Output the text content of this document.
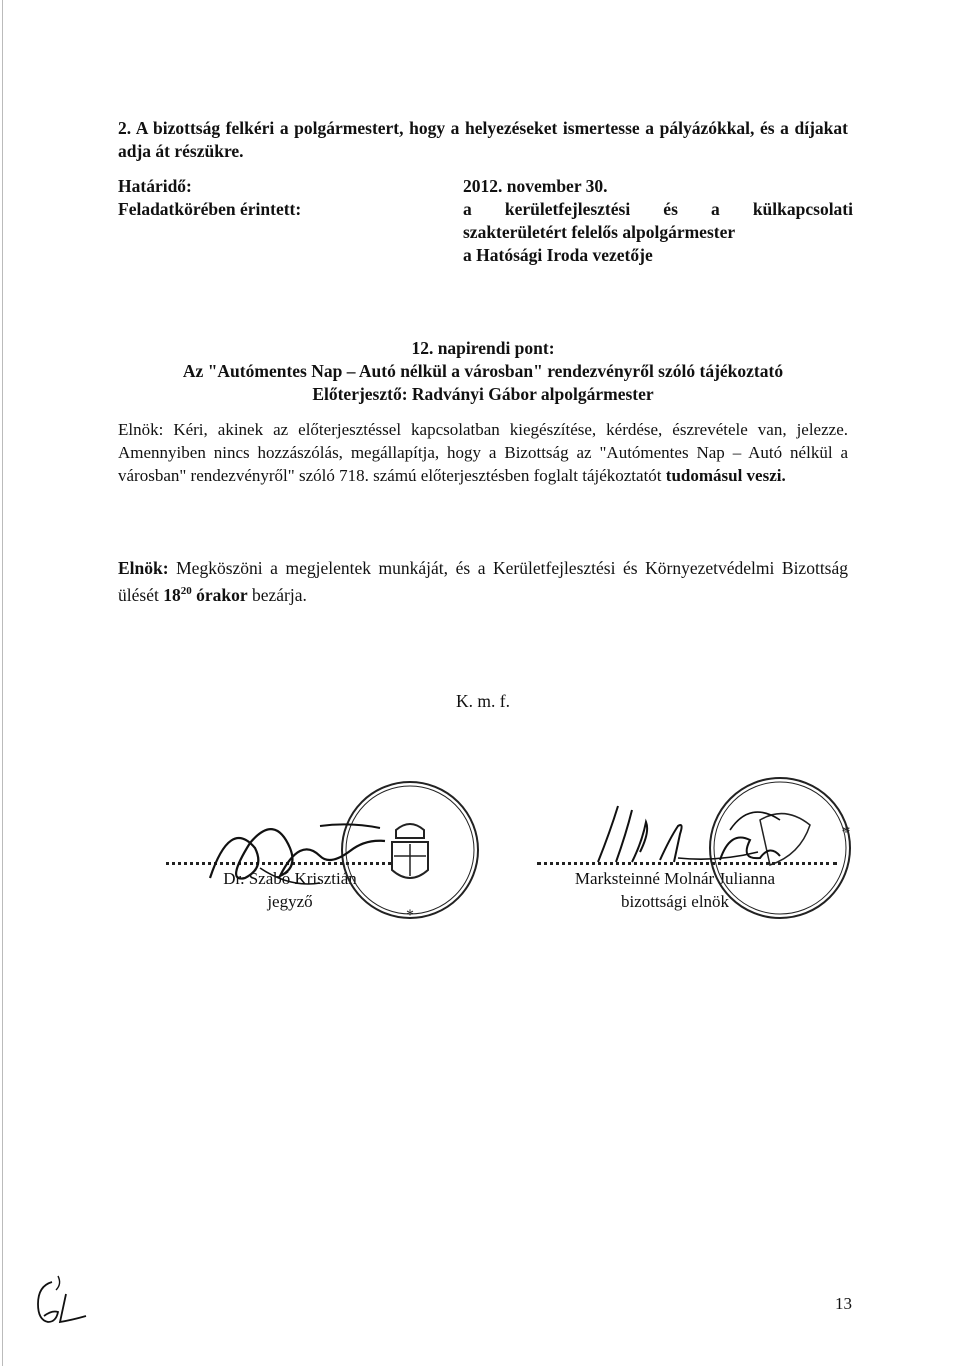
2. A bizottság felkéri a polgármestert, hogy a helyezéseket ismertesse a pályázókkal, és a díjakat adja át részükre.
Határidő:	2012. november 30.
Feladatkörében érintett:	a kerületfejlesztési és a külkapcsolati

szakterületért felelős alpolgármester

a Hatósági Iroda vezetője

12. napirendi pont:
Az "Autómentes Nap – Autó nélkül a városban" rendezvényről szóló tájékoztató
Előterjesztő: Radványi Gábor alpolgármester
Elnök: Kéri, akinek az előterjesztéssel kapcsolatban kiegészítése, kérdése, észrevétele van, jelezze. Amennyiben nincs hozzászólás, megállapítja, hogy a Bizottság az "Autómentes Nap – Autó nélkül a városban" rendezvényről" szóló 718. számú előterjesztésben foglalt tájékoztatót tudomásul veszi.
Elnök: Megköszöni a megjelentek munkáját, és a Kerületfejlesztési és Környezetvédelmi Bizottság ülését $18^{20}$ órakor bezárja.
K. m. f.
Dr. Szabó Krisztián
jegyző
Marksteinné Molnár Julianna
bizottsági elnök
*
*
13
